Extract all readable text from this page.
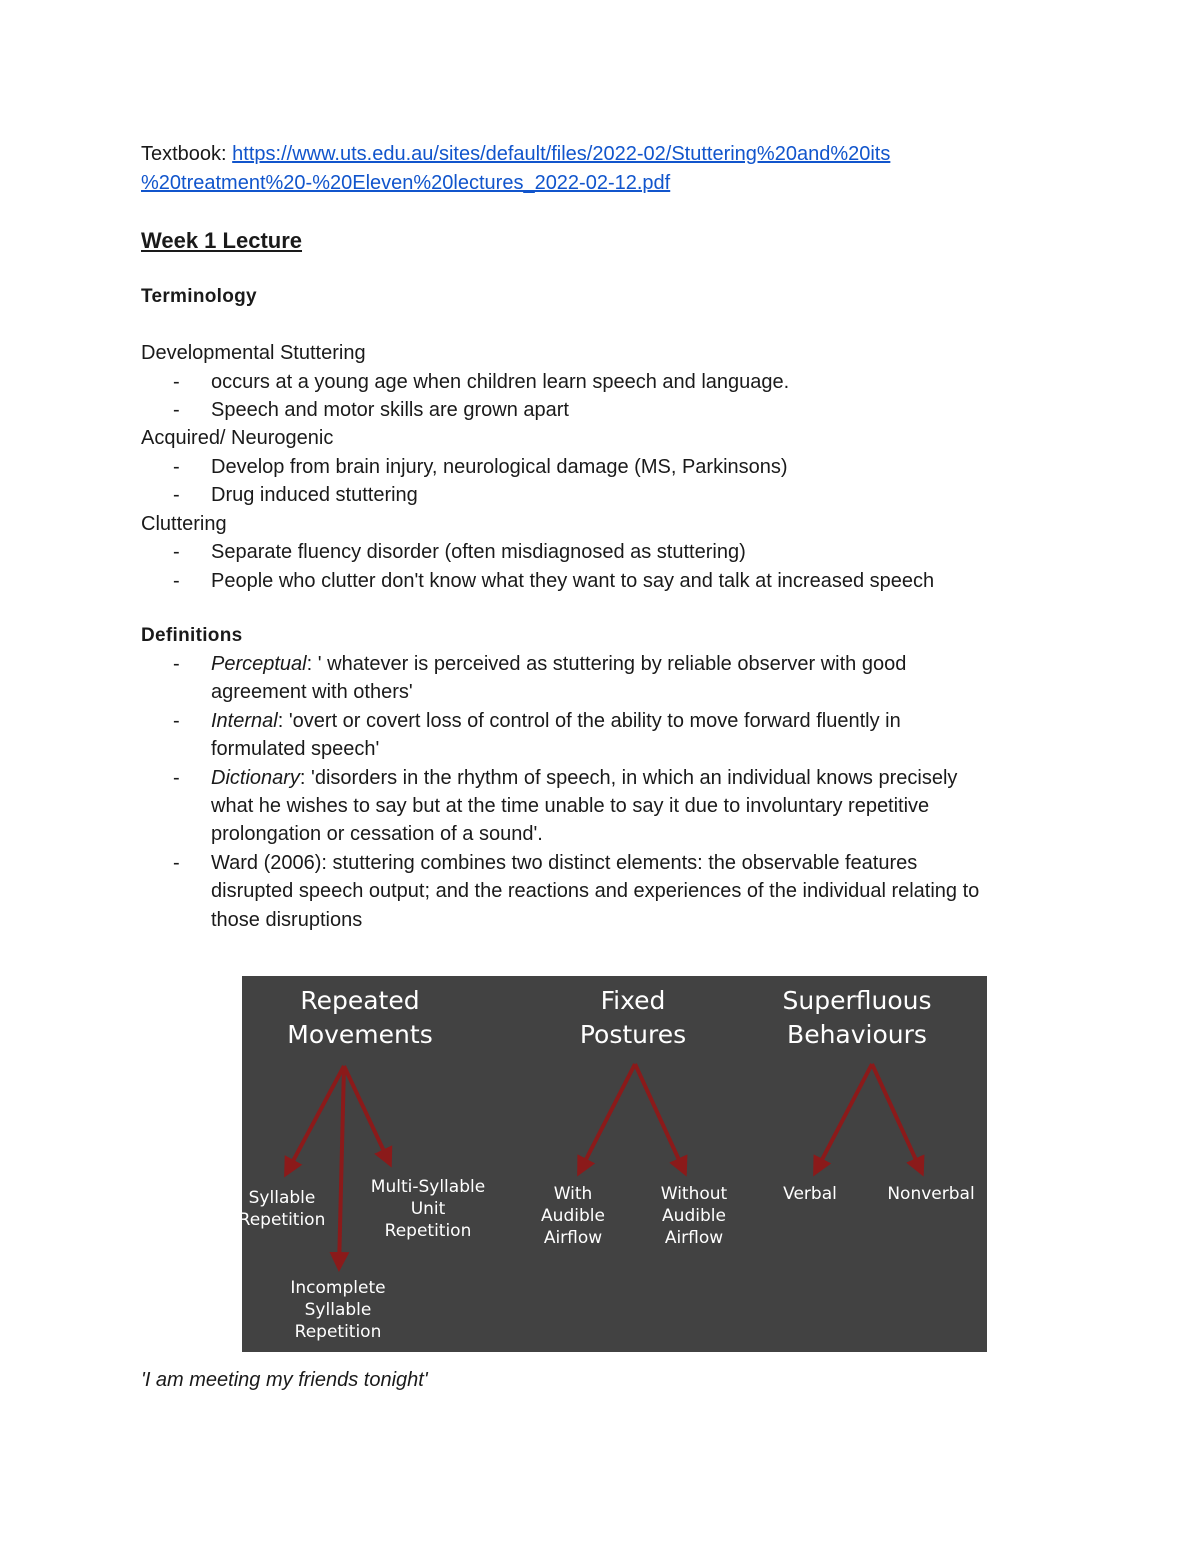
Textbook: https://www.uts.edu.au/sites/default/files/2022-02/Stuttering%20and%20its

%20treatment%20-%20Eleven%20lectures_2022-02-12.pdf

Week 1 Lecture
Terminology
Developmental Stuttering
- occurs at a young age when children learn speech and language.
- Speech and motor skills are grown apart
Acquired/ Neurogenic
- Develop from brain injury, neurological damage (MS, Parkinsons)
- Drug induced stuttering
Cluttering
- Separate fluency disorder (often misdiagnosed as stuttering)
- People who clutter don't know what they want to say and talk at increased speech
Definitions
- Perceptual: ' whatever is perceived as stuttering by reliable observer with good
agreement with others'
- Internal: 'overt or covert loss of control of the ability to move forward fluently in
formulated speech'
- Dictionary: 'disorders in the rhythm of speech, in which an individual knows precisely
what he wishes to say but at the time unable to say it due to involuntary repetitive
prolongation or cessation of a sound'.
- Ward (2006): stuttering combines two distinct elements: the observable features
disrupted speech output; and the reactions and experiences of the individual relating to
those disruptions
Repeated
Movements
Fixed
Postures
Superfluous
Behaviours
Syllable
Repetition
Multi-Syllable
Unit
Repetition
Incomplete
Syllable
Repetition
With
Audible
Airflow
Without
Audible
Airflow
Verbal	Nonverbal
'I am meeting my friends tonight'
